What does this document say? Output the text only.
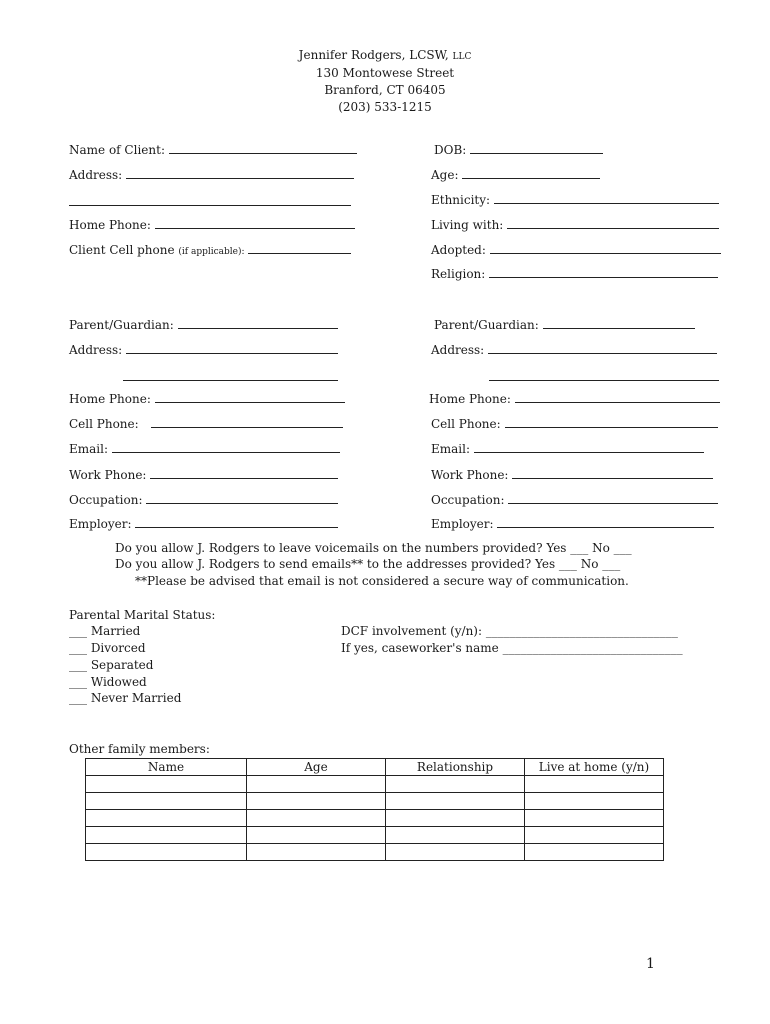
Jennifer Rodgers, LCSW, LLC
130 Montowese Street
Branford, CT 06405
(203) 533-1215
Name of Client:
Address:
Home Phone:
Client Cell phone (if applicable):
DOB:
Age:
Ethnicity:
Living with:
Adopted:
Religion:
Parent/Guardian:
Address:
Home Phone:
Cell Phone:
Email:
Work Phone:
Occupation:
Employer:
Parent/Guardian:
Address:
Home Phone:
Cell Phone:
Email:
Work Phone:
Occupation:
Employer:
Do you allow J. Rodgers to leave voicemails on the numbers provided? Yes ___ No ___
Do you allow J. Rodgers to send emails** to the addresses provided? Yes ___ No ___
**Please be advised that email is not considered a secure way of communication.
Parental Marital Status:
___ Married
___ Divorced
___ Separated
___ Widowed
___ Never Married
DCF involvement (y/n): ________________________________
If yes, caseworker's name ______________________________
Other family members:
Name	Age	Relationship	Live at home (y/n)

1
